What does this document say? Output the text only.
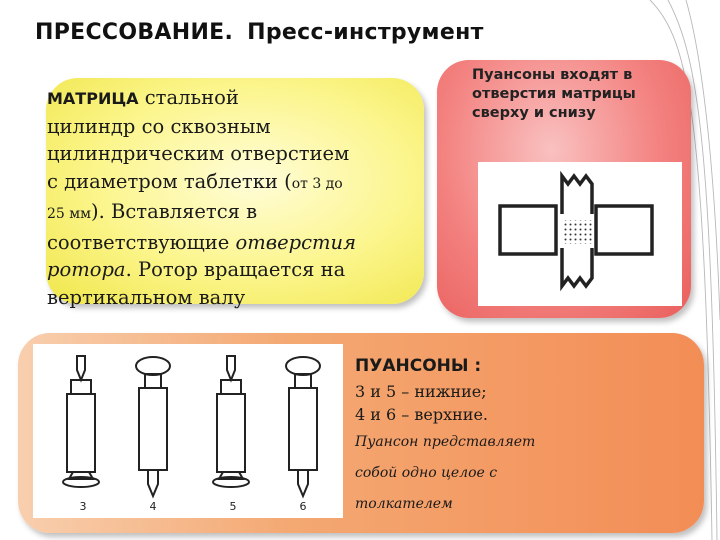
ПРЕССОВАНИЕ. Пресс-инструмент
МАТРИЦА стальной
цилиндр со сквозным
цилиндрическим отверстием
с диаметром таблетки (от 3 до
25 мм). Вставляется в
соответствующие отверстия
ротора. Ротор вращается на
вертикальном валу
Пуансоны входят в отверстия матрицы сверху и снизу
3	4	5	6
ПУАНСОНЫ :
3 и 5 – нижние;
4 и 6 – верхние.
Пуансон представляет
собой одно целое с
толкателем
